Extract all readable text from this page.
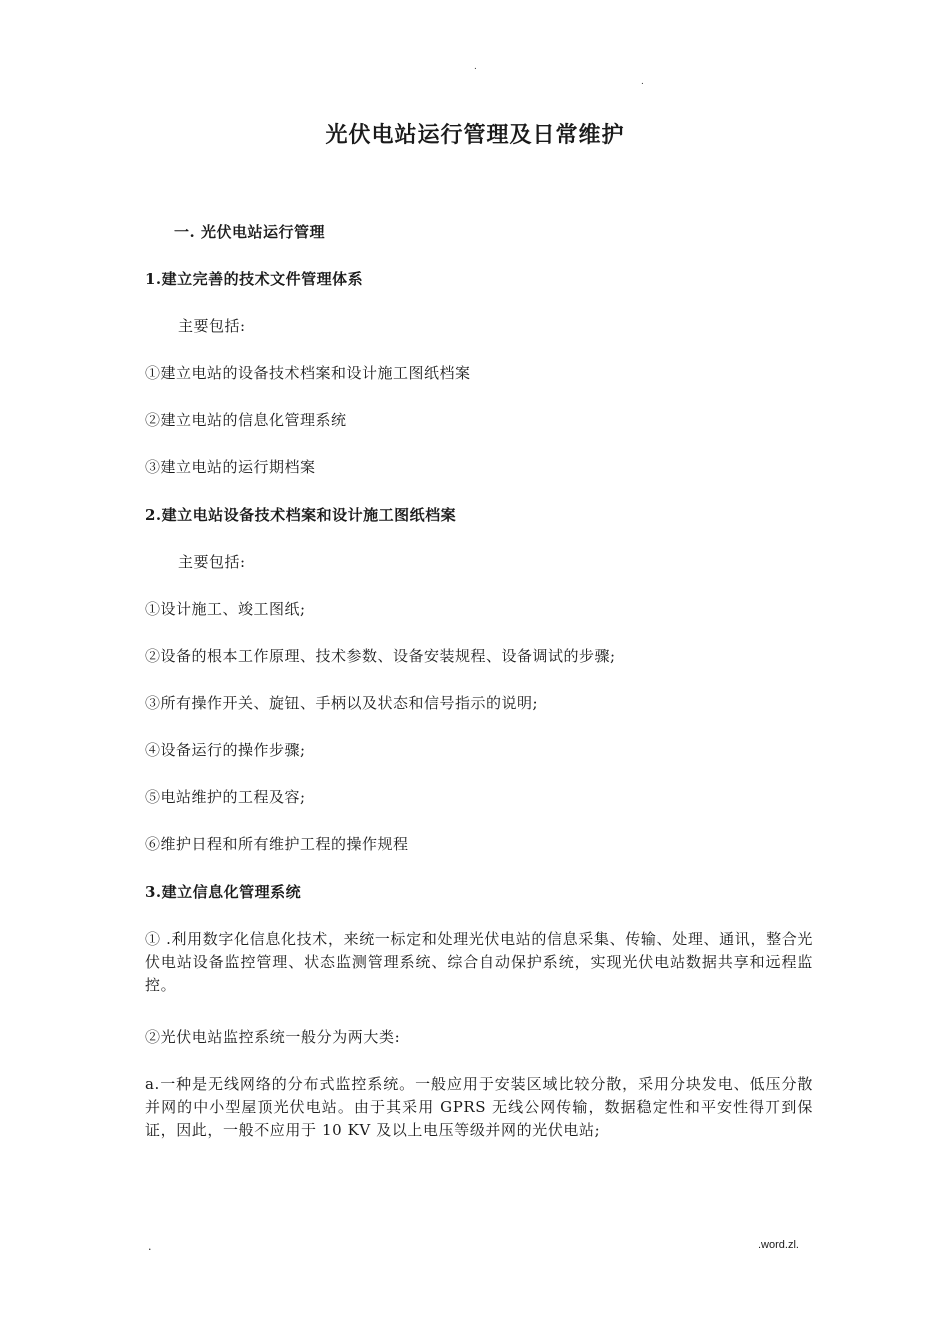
.
.
光伏电站运行管理及日常维护
一. 光伏电站运行管理
1.建立完善的技术文件管理体系
主要包括:
①建立电站的设备技术档案和设计施工图纸档案
②建立电站的信息化管理系统
③建立电站的运行期档案
2.建立电站设备技术档案和设计施工图纸档案
主要包括:
①设计施工、竣工图纸;
②设备的根本工作原理、技术参数、设备安装规程、设备调试的步骤;
③所有操作开关、旋钮、手柄以及状态和信号指示的说明;
④设备运行的操作步骤;
⑤电站维护的工程及容;
⑥维护日程和所有维护工程的操作规程
3.建立信息化管理系统
① .利用数字化信息化技术，来统一标定和处理光伏电站的信息采集、传输、处理、通讯，整合光伏电站设备监控管理、状态监测管理系统、综合自动保护系统，实现光伏电站数据共享和远程监控。
②光伏电站监控系统一般分为两大类:
a.一种是无线网络的分布式监控系统。一般应用于安装区域比较分散，采用分块发电、低压分散并网的中小型屋顶光伏电站。由于其采用 GPRS 无线公网传输，数据稳定性和平安性得丌到保证，因此，一般不应用于 10 KV 及以上电压等级并网的光伏电站;
.	.word.zl.
